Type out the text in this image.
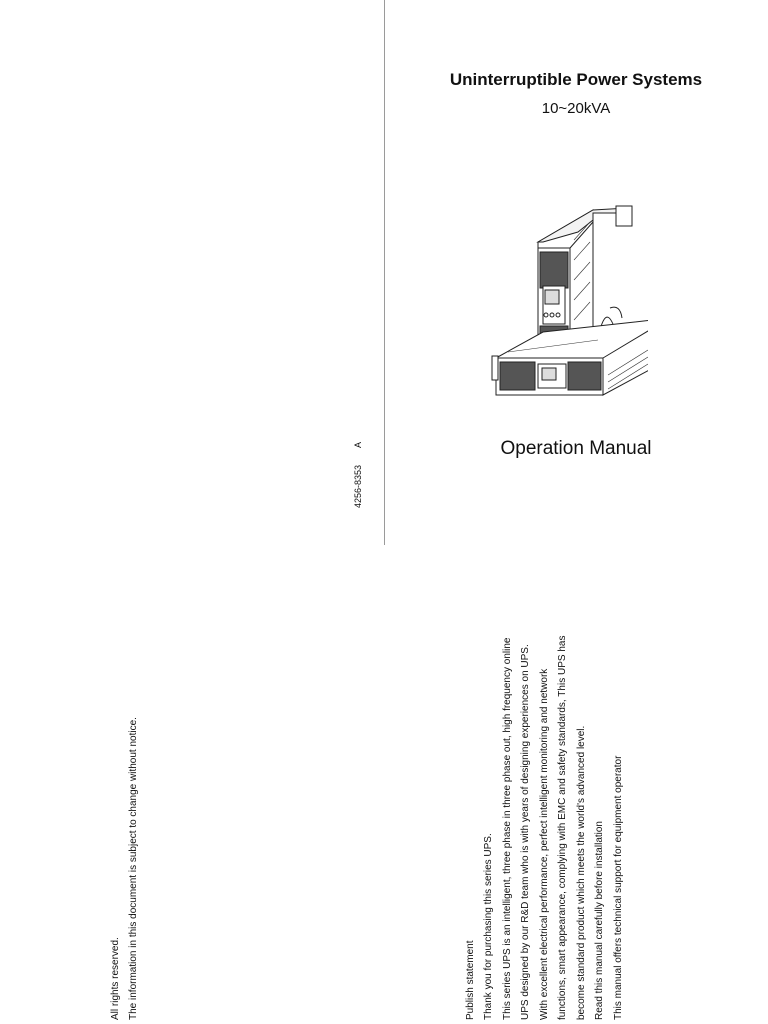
Uninterruptible Power Systems
10~20kVA
Operation Manual
4256-8353
A
All rights reserved. The information in this document is subject to change without notice.	Publish statement Thank you for purchasing this series UPS. This series UPS is an intelligent, three phase in three phase out, high frequency online UPS designed by our R&D team who is with years of designing experiences on UPS. With excellent electrical performance, perfect intelligent monitoring and network functions, smart appearance, complying with EMC and safety standards, This UPS has become standard product which meets the world's advanced level. Read this manual carefully before installation This manual offers technical support for equipment operator
